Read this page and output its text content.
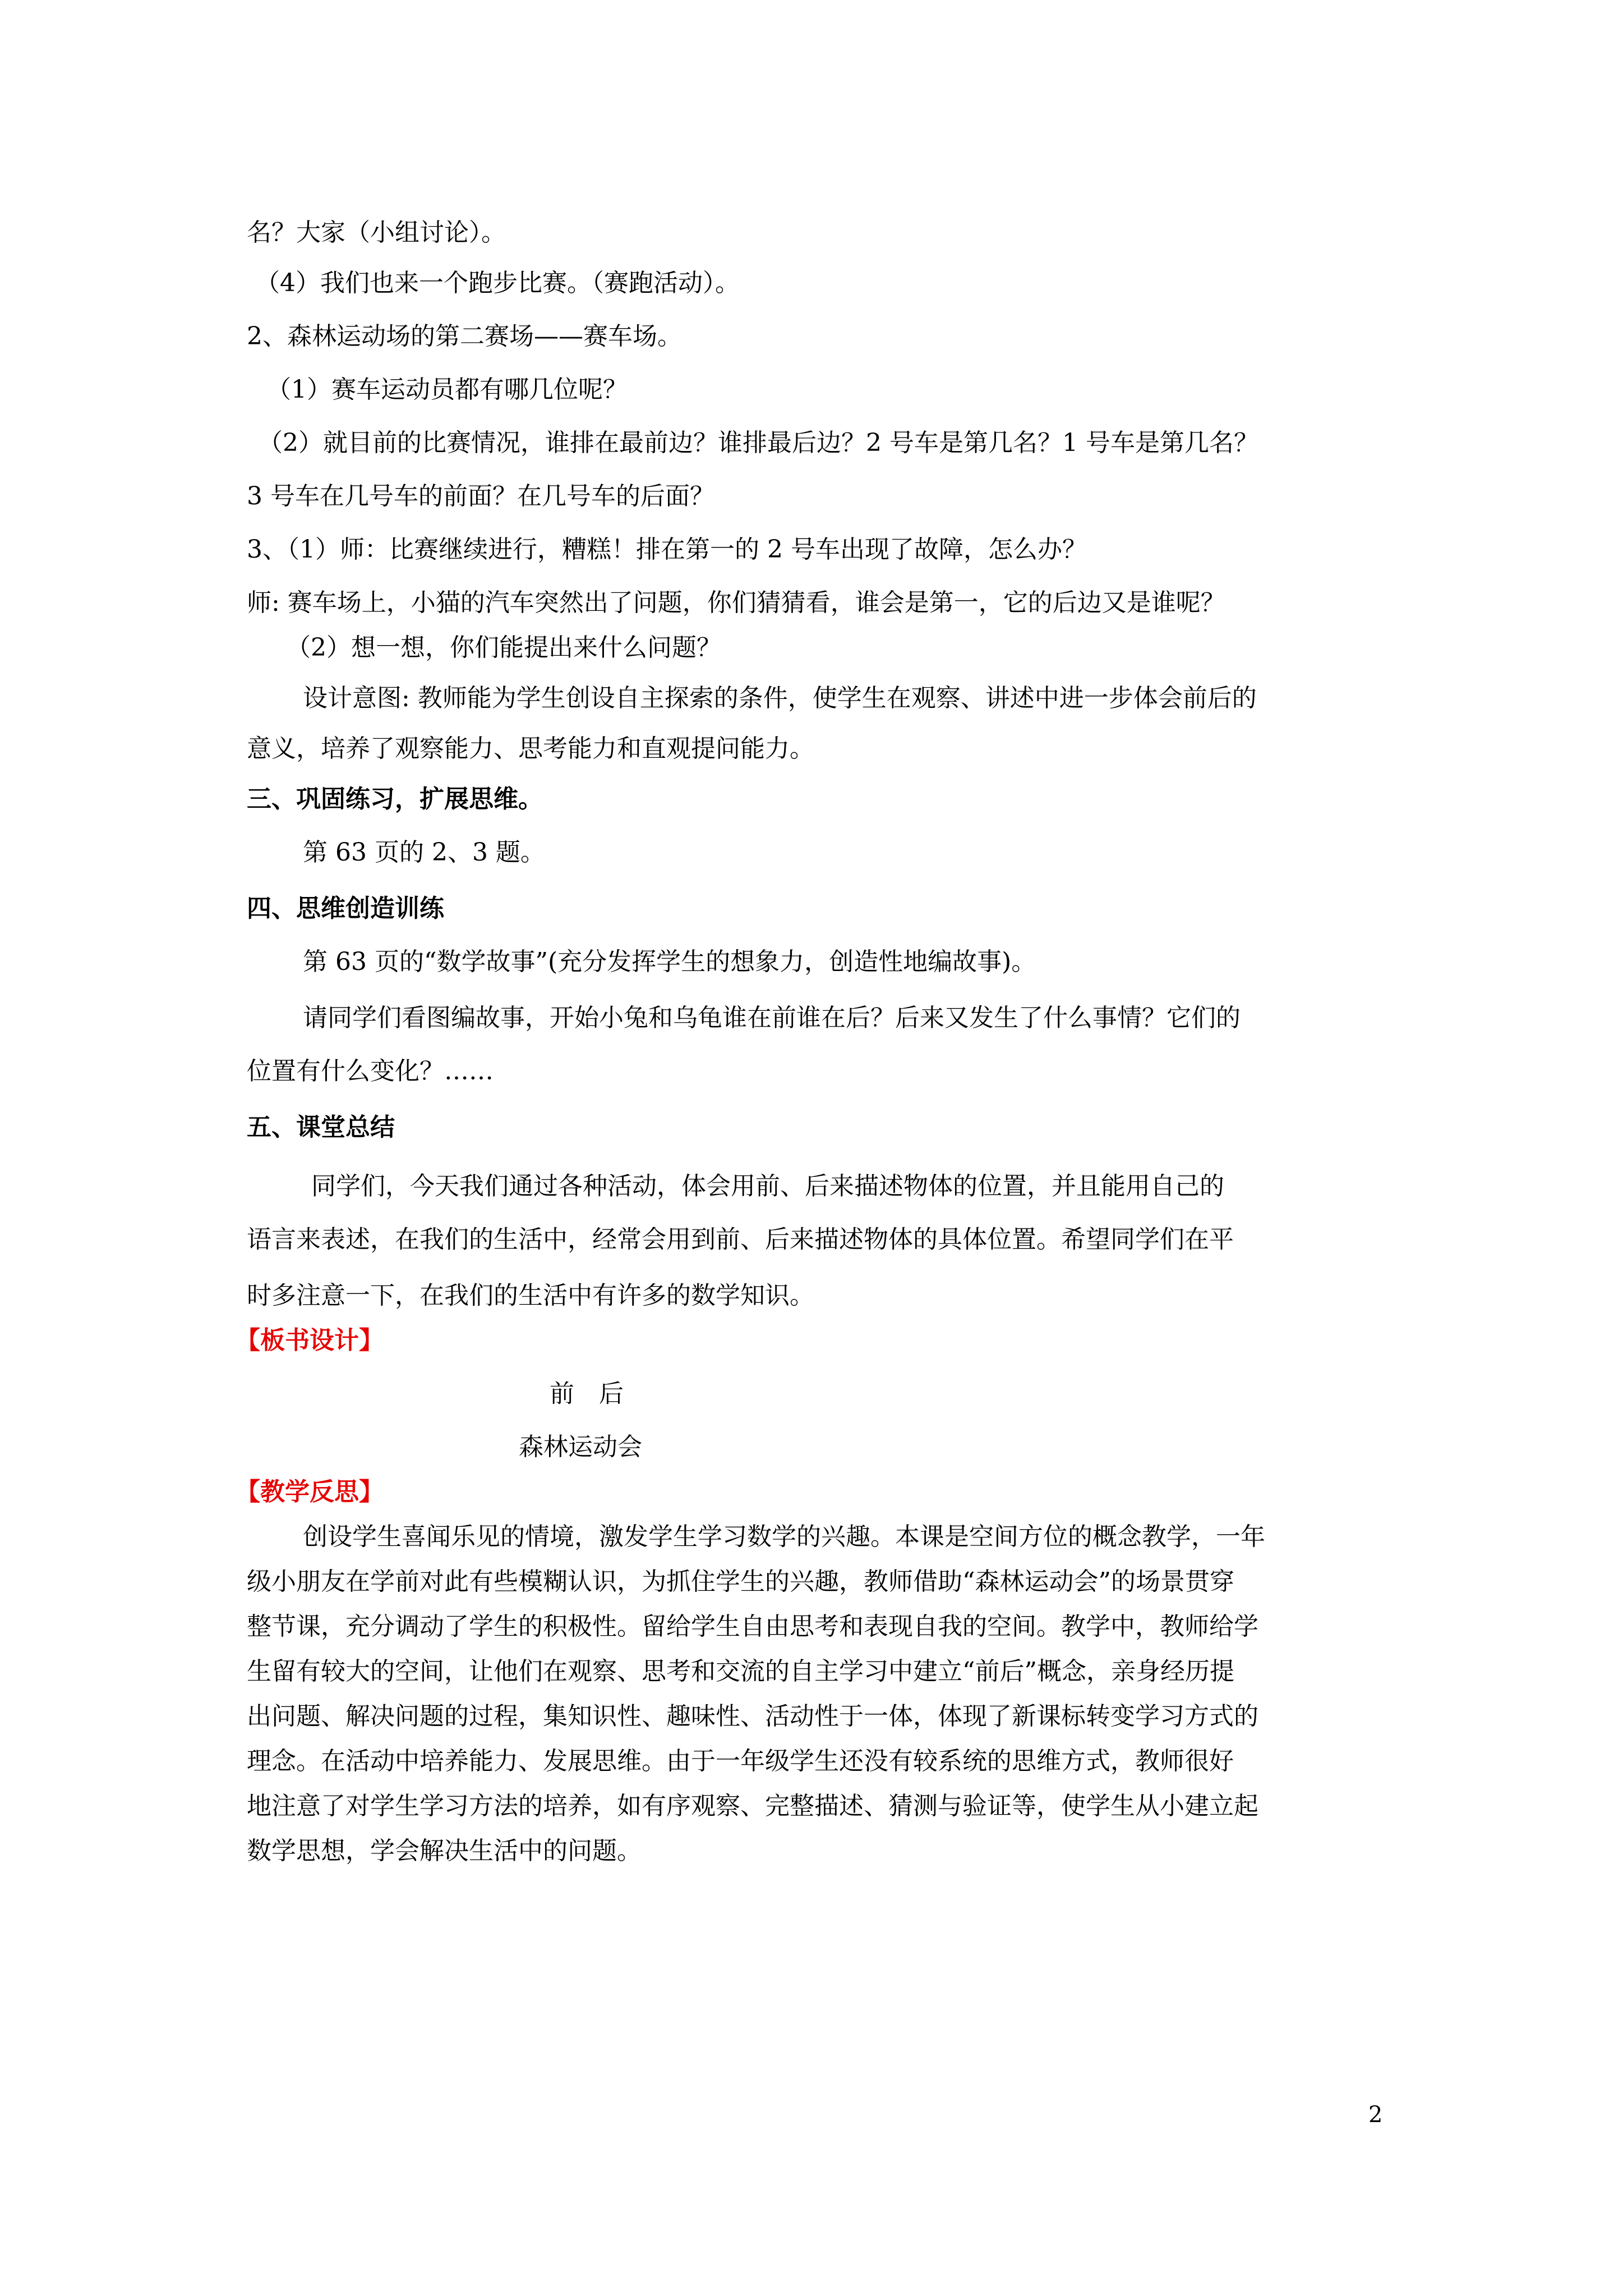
名？大家（小组讨论）。
（4）我们也来一个跑步比赛。（赛跑活动）。
2、森林运动场的第二赛场——赛车场。
（1）赛车运动员都有哪几位呢？
（2）就目前的比赛情况，谁排在最前边？谁排最后边？2 号车是第几名？1 号车是第几名？
3 号车在几号车的前面？在几号车的后面？
3、（1）师：比赛继续进行，糟糕！排在第一的 2 号车出现了故障，怎么办？
师: 赛车场上，小猫的汽车突然出了问题，你们猜猜看，谁会是第一，它的后边又是谁呢？
（2）想一想，你们能提出来什么问题？
设计意图: 教师能为学生创设自主探索的条件，使学生在观察、讲述中进一步体会前后的
意义，培养了观察能力、思考能力和直观提问能力。
三、巩固练习，扩展思维。
第 63 页的 2、3 题。
四、思维创造训练
第 63 页的“数学故事”(充分发挥学生的想象力，创造性地编故事)。
请同学们看图编故事，开始小兔和乌龟谁在前谁在后？后来又发生了什么事情？它们的
位置有什么变化？……
五、课堂总结
同学们，今天我们通过各种活动，体会用前、后来描述物体的位置，并且能用自己的
语言来表述，在我们的生活中，经常会用到前、后来描述物体的具体位置。希望同学们在平
时多注意一下，在我们的生活中有许多的数学知识。
【板书设计】
前　后
森林运动会
【教学反思】
创设学生喜闻乐见的情境，激发学生学习数学的兴趣。本课是空间方位的概念教学，一年
级小朋友在学前对此有些模糊认识，为抓住学生的兴趣，教师借助“森林运动会”的场景贯穿
整节课，充分调动了学生的积极性。留给学生自由思考和表现自我的空间。教学中，教师给学
生留有较大的空间，让他们在观察、思考和交流的自主学习中建立“前后”概念，亲身经历提
出问题、解决问题的过程，集知识性、趣味性、活动性于一体，体现了新课标转变学习方式的
理念。在活动中培养能力、发展思维。由于一年级学生还没有较系统的思维方式，教师很好
地注意了对学生学习方法的培养，如有序观察、完整描述、猜测与验证等，使学生从小建立起
数学思想，学会解决生活中的问题。
2
